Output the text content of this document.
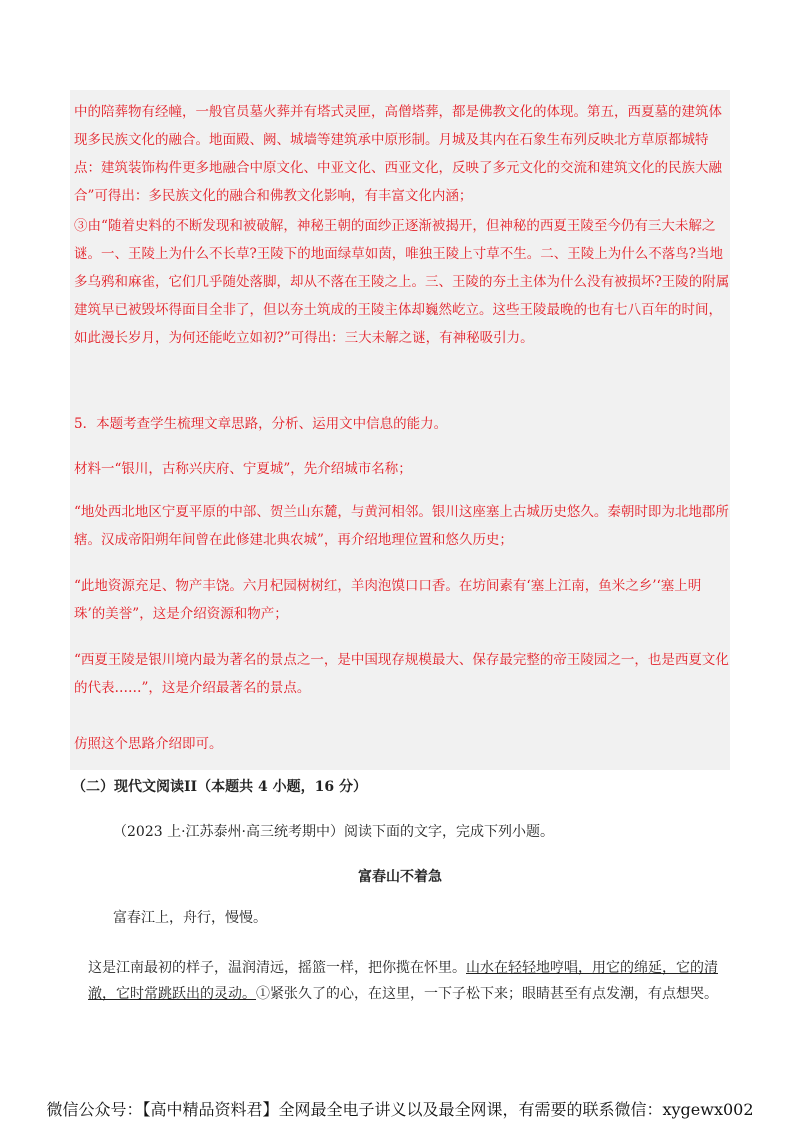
中的陪葬物有经幢，一般官员墓火葬并有塔式灵匣，高僧塔葬，都是佛教文化的体现。第五，西夏墓的建筑体现多民族文化的融合。地面殿、阙、城墙等建筑承中原形制。月城及其内在石象生布列反映北方草原都城特点：建筑装饰构件更多地融合中原文化、中亚文化、西亚文化，反映了多元文化的交流和建筑文化的民族大融合”可得出：多民族文化的融合和佛教文化影响，有丰富文化内涵；

③由“随着史料的不断发现和被破解，神秘王朝的面纱正逐渐被揭开，但神秘的西夏王陵至今仍有三大未解之谜。一、王陵上为什么不长草?王陵下的地面绿草如茵，唯独王陵上寸草不生。二、王陵上为什么不落鸟?当地多乌鸦和麻雀，它们几乎随处落脚，却从不落在王陵之上。三、王陵的夯土主体为什么没有被损坏?王陵的附属建筑早已被毁坏得面目全非了，但以夯土筑成的王陵主体却巍然屹立。这些王陵最晚的也有七八百年的时间，如此漫长岁月，为何还能屹立如初?”可得出：三大未解之谜，有神秘吸引力。

5．本题考查学生梳理文章思路，分析、运用文中信息的能力。

材料一“银川，古称兴庆府、宁夏城”，先介绍城市名称；

“地处西北地区宁夏平原的中部、贺兰山东麓，与黄河相邻。银川这座塞上古城历史悠久。秦朝时即为北地郡所辖。汉成帝阳朔年间曾在此修建北典农城”，再介绍地理位置和悠久历史；

“此地资源充足、物产丰饶。六月杞园树树红，羊肉泡馍口口香。在坊间素有‘塞上江南，鱼米之乡’‘塞上明珠’的美誉”，这是介绍资源和物产；

“西夏王陵是银川境内最为著名的景点之一，是中国现存规模最大、保存最完整的帝王陵园之一，也是西夏文化的代表……”，这是介绍最著名的景点。

仿照这个思路介绍即可。

（二）现代文阅读II（本题共 4 小题，16 分）

（2023 上·江苏泰州·高三统考期中）阅读下面的文字，完成下列小题。

富春山不着急

富春江上，舟行，慢慢。

这是江南最初的样子，温润清远，摇篮一样，把你揽在怀里。山水在轻轻地哼唱，用它的绵延，它的清澈，它时常跳跃出的灵动。①紧张久了的心，在这里，一下子松下来；眼睛甚至有点发潮，有点想哭。

微信公众号：【高中精品资料君】全网最全电子讲义以及最全网课，有需要的联系微信：xygewx002
